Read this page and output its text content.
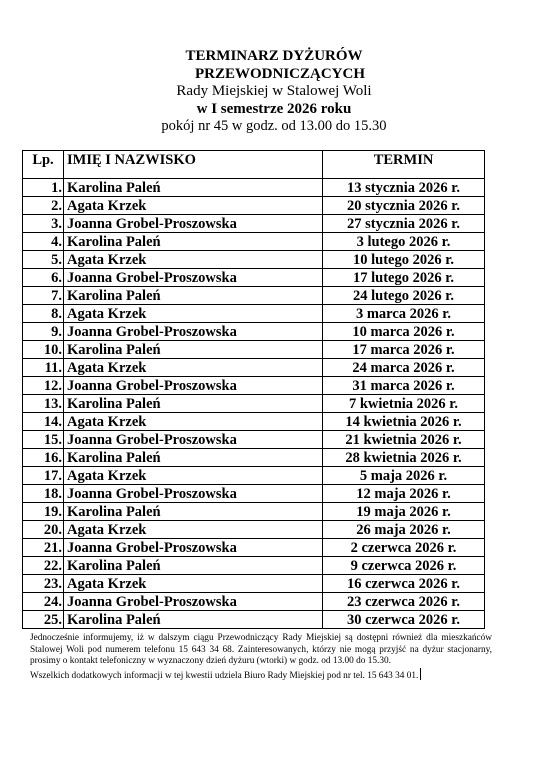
TERMINARZ DYŻURÓW
PRZEWODNICZĄCYCH
Rady Miejskiej w Stalowej Woli
w I semestrze 2026 roku
pokój nr 45 w godz. od 13.00 do 15.30
Lp.	IMIĘ I NAZWISKO	TERMIN
1.	Karolina Paleń	13 stycznia 2026 r.
2.	Agata Krzek	20 stycznia 2026 r.
3.	Joanna Grobel-Proszowska	27 stycznia 2026 r.
4.	Karolina Paleń	3 lutego 2026 r.
5.	Agata Krzek	10 lutego 2026 r.
6.	Joanna Grobel-Proszowska	17 lutego 2026 r.
7.	Karolina Paleń	24 lutego 2026 r.
8.	Agata Krzek	3 marca 2026 r.
9.	Joanna Grobel-Proszowska	10 marca 2026 r.
10.	Karolina Paleń	17 marca 2026 r.
11.	Agata Krzek	24 marca 2026 r.
12.	Joanna Grobel-Proszowska	31 marca 2026 r.
13.	Karolina Paleń	7 kwietnia 2026 r.
14.	Agata Krzek	14 kwietnia 2026 r.
15.	Joanna Grobel-Proszowska	21 kwietnia 2026 r.
16.	Karolina Paleń	28 kwietnia 2026 r.
17.	Agata Krzek	5 maja 2026 r.
18.	Joanna Grobel-Proszowska	12 maja 2026 r.
19.	Karolina Paleń	19 maja 2026 r.
20.	Agata Krzek	26 maja 2026 r.
21.	Joanna Grobel-Proszowska	2 czerwca 2026 r.
22.	Karolina Paleń	9 czerwca 2026 r.
23.	Agata Krzek	16 czerwca 2026 r.
24.	Joanna Grobel-Proszowska	23 czerwca 2026 r.
25.	Karolina Paleń	30 czerwca 2026 r.

Jednocześnie informujemy, iż w dalszym ciągu Przewodniczący Rady Miejskiej są dostępni również dla mieszkańców Stalowej Woli pod numerem telefonu 15 643 34 68. Zainteresowanych, którzy nie mogą przyjść na dyżur stacjonarny, prosimy o kontakt telefoniczny w wyznaczony dzień dyżuru (wtorki) w godz. od 13.00 do 15.30.

Wszelkich dodatkowych informacji w tej kwestii udziela Biuro Rady Miejskiej pod nr tel. 15 643 34 01.
